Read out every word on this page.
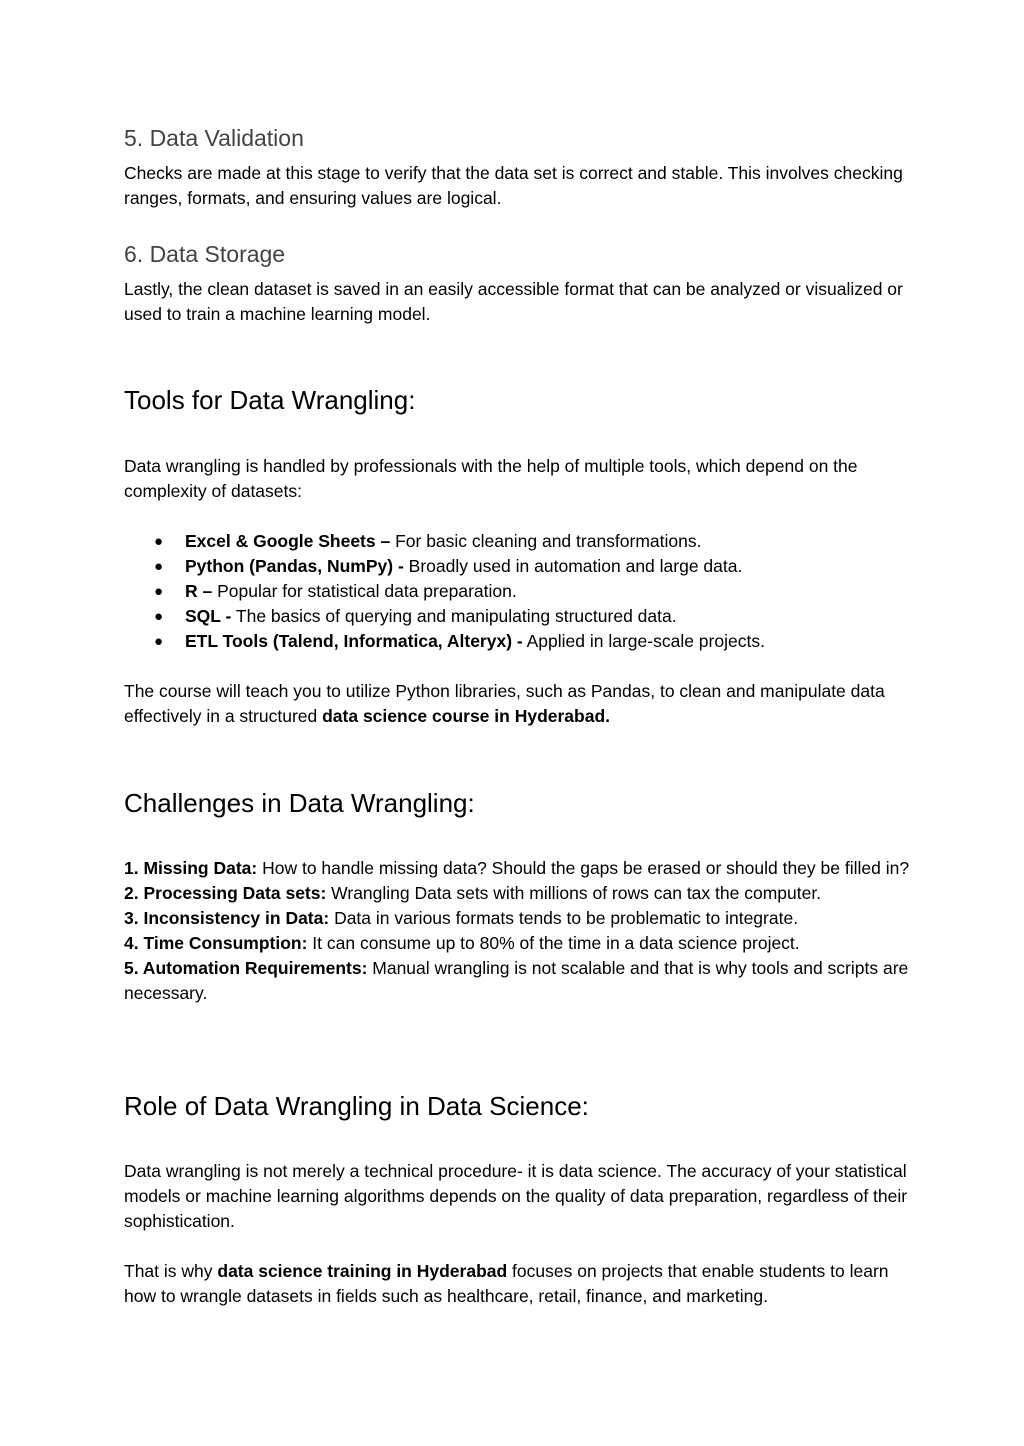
5. Data Validation

Checks are made at this stage to verify that the data set is correct and stable. This involves checking ranges, formats, and ensuring values are logical.

6. Data Storage

Lastly, the clean dataset is saved in an easily accessible format that can be analyzed or visualized or used to train a machine learning model.

Tools for Data Wrangling:

Data wrangling is handled by professionals with the help of multiple tools, which depend on the complexity of datasets:

● Excel & Google Sheets – For basic cleaning and transformations.
● Python (Pandas, NumPy) - Broadly used in automation and large data.
● R – Popular for statistical data preparation.
● SQL - The basics of querying and manipulating structured data.
● ETL Tools (Talend, Informatica, Alteryx) - Applied in large-scale projects.

The course will teach you to utilize Python libraries, such as Pandas, to clean and manipulate data effectively in a structured data science course in Hyderabad.

Challenges in Data Wrangling:

1. Missing Data: How to handle missing data? Should the gaps be erased or should they be filled in?

2. Processing Data sets: Wrangling Data sets with millions of rows can tax the computer.

3. Inconsistency in Data: Data in various formats tends to be problematic to integrate.

4. Time Consumption: It can consume up to 80% of the time in a data science project.

5. Automation Requirements: Manual wrangling is not scalable and that is why tools and scripts are necessary.

Role of Data Wrangling in Data Science:

Data wrangling is not merely a technical procedure- it is data science. The accuracy of your statistical models or machine learning algorithms depends on the quality of data preparation, regardless of their sophistication.

That is why data science training in Hyderabad focuses on projects that enable students to learn how to wrangle datasets in fields such as healthcare, retail, finance, and marketing.
